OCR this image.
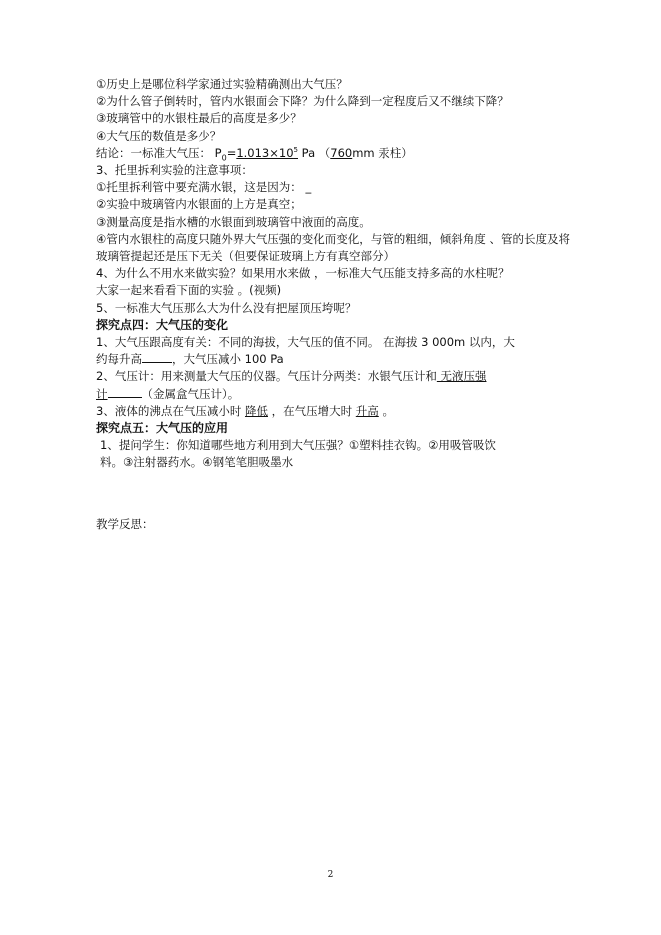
①历史上是哪位科学家通过实验精确测出大气压？
②为什么管子倒转时，管内水银面会下降？为什么降到一定程度后又不继续下降？
③玻璃管中的水银柱最后的高度是多少？
④大气压的数值是多少？
结论：一标准大气压： $P_0=1.013\times 10^5$ Pa （760mm 汞柱）
3、托里拆利实验的注意事项：
①托里拆利管中要充满水银，这是因为： _
②实验中玻璃管内水银面的上方是真空；
③测量高度是指水槽的水银面到玻璃管中液面的高度。
④管内水银柱的高度只随外界大气压强的变化而变化，与管的粗细，倾斜角度 、管的长度及将玻璃管提起还是压下无关（但要保证玻璃上方有真空部分）
4、为什么不用水来做实验？如果用水来做 ，一标准大气压能支持多高的水柱呢？
大家一起来看看下面的实验 。(视频)
5、一标准大气压那么大为什么没有把屋顶压垮呢？
探究点四：大气压的变化
1、大气压跟高度有关：不同的海拔，大气压的值不同。 在海拔 3 000m 以内，大
约每升高	，大气压减小 100 Pa
2、气压计：用来测量大气压的仪器。气压计分两类：水银气压计和 无液压强
计	（金属盒气压计）。
3、液体的沸点在气压减小时 降低 ，在气压增大时 升高 。
探究点五：大气压的应用
1、提问学生：你知道哪些地方利用到大气压强？①塑料挂衣钩。②用吸管吸饮
料。③注射器药水。④钢笔笔胆吸墨水
教学反思：
2
